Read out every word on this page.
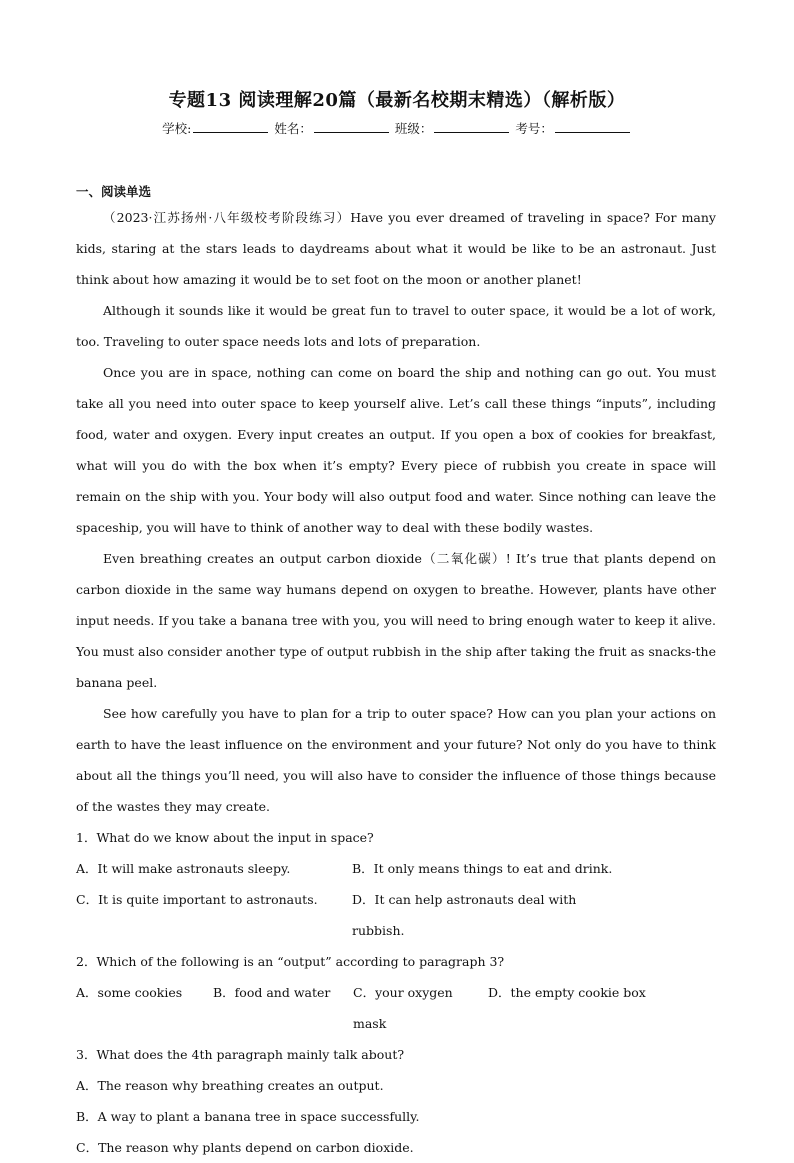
专题13 阅读理解20篇（最新名校期末精选）（解析版）
学校:	姓名：	班级：	考号：
一、阅读单选

（2023·江苏扬州·八年级校考阶段练习）Have you ever dreamed of traveling in space? For many kids, staring at the stars leads to daydreams about what it would be like to be an astronaut. Just think about how amazing it would be to set foot on the moon or another planet!

Although it sounds like it would be great fun to travel to outer space, it would be a lot of work, too. Traveling to outer space needs lots and lots of preparation.

Once you are in space, nothing can come on board the ship and nothing can go out. You must take all you need into outer space to keep yourself alive. Let’s call these things “inputs”, including food, water and oxygen. Every input creates an output. If you open a box of cookies for breakfast, what will you do with the box when it’s empty? Every piece of rubbish you create in space will remain on the ship with you. Your body will also output food and water. Since nothing can leave the spaceship, you will have to think of another way to deal with these bodily wastes.

Even breathing creates an output carbon dioxide（二氧化碳）! It’s true that plants depend on carbon dioxide in the same way humans depend on oxygen to breathe. However, plants have other input needs. If you take a banana tree with you, you will need to bring enough water to keep it alive. You must also consider another type of output rubbish in the ship after taking the fruit as snacks-the banana peel.

See how carefully you have to plan for a trip to outer space? How can you plan your actions on earth to have the least influence on the environment and your future? Not only do you have to think about all the things you’ll need, you will also have to consider the influence of those things because of the wastes they may create.

1．What do we know about the input in space?

A．It will make astronauts sleepy.	B．It only means things to eat and drink.
C．It is quite important to astronauts.	D．It can help astronauts deal with rubbish.

2．Which of the following is an “output” according to paragraph 3?

A．some cookies	B．food and water	C．your oxygen mask
D．the empty cookie box

3．What does the 4th paragraph mainly talk about?

A．The reason why breathing creates an output.

B．A way to plant a banana tree in space successfully.

C．The reason why plants depend on carbon dioxide.
